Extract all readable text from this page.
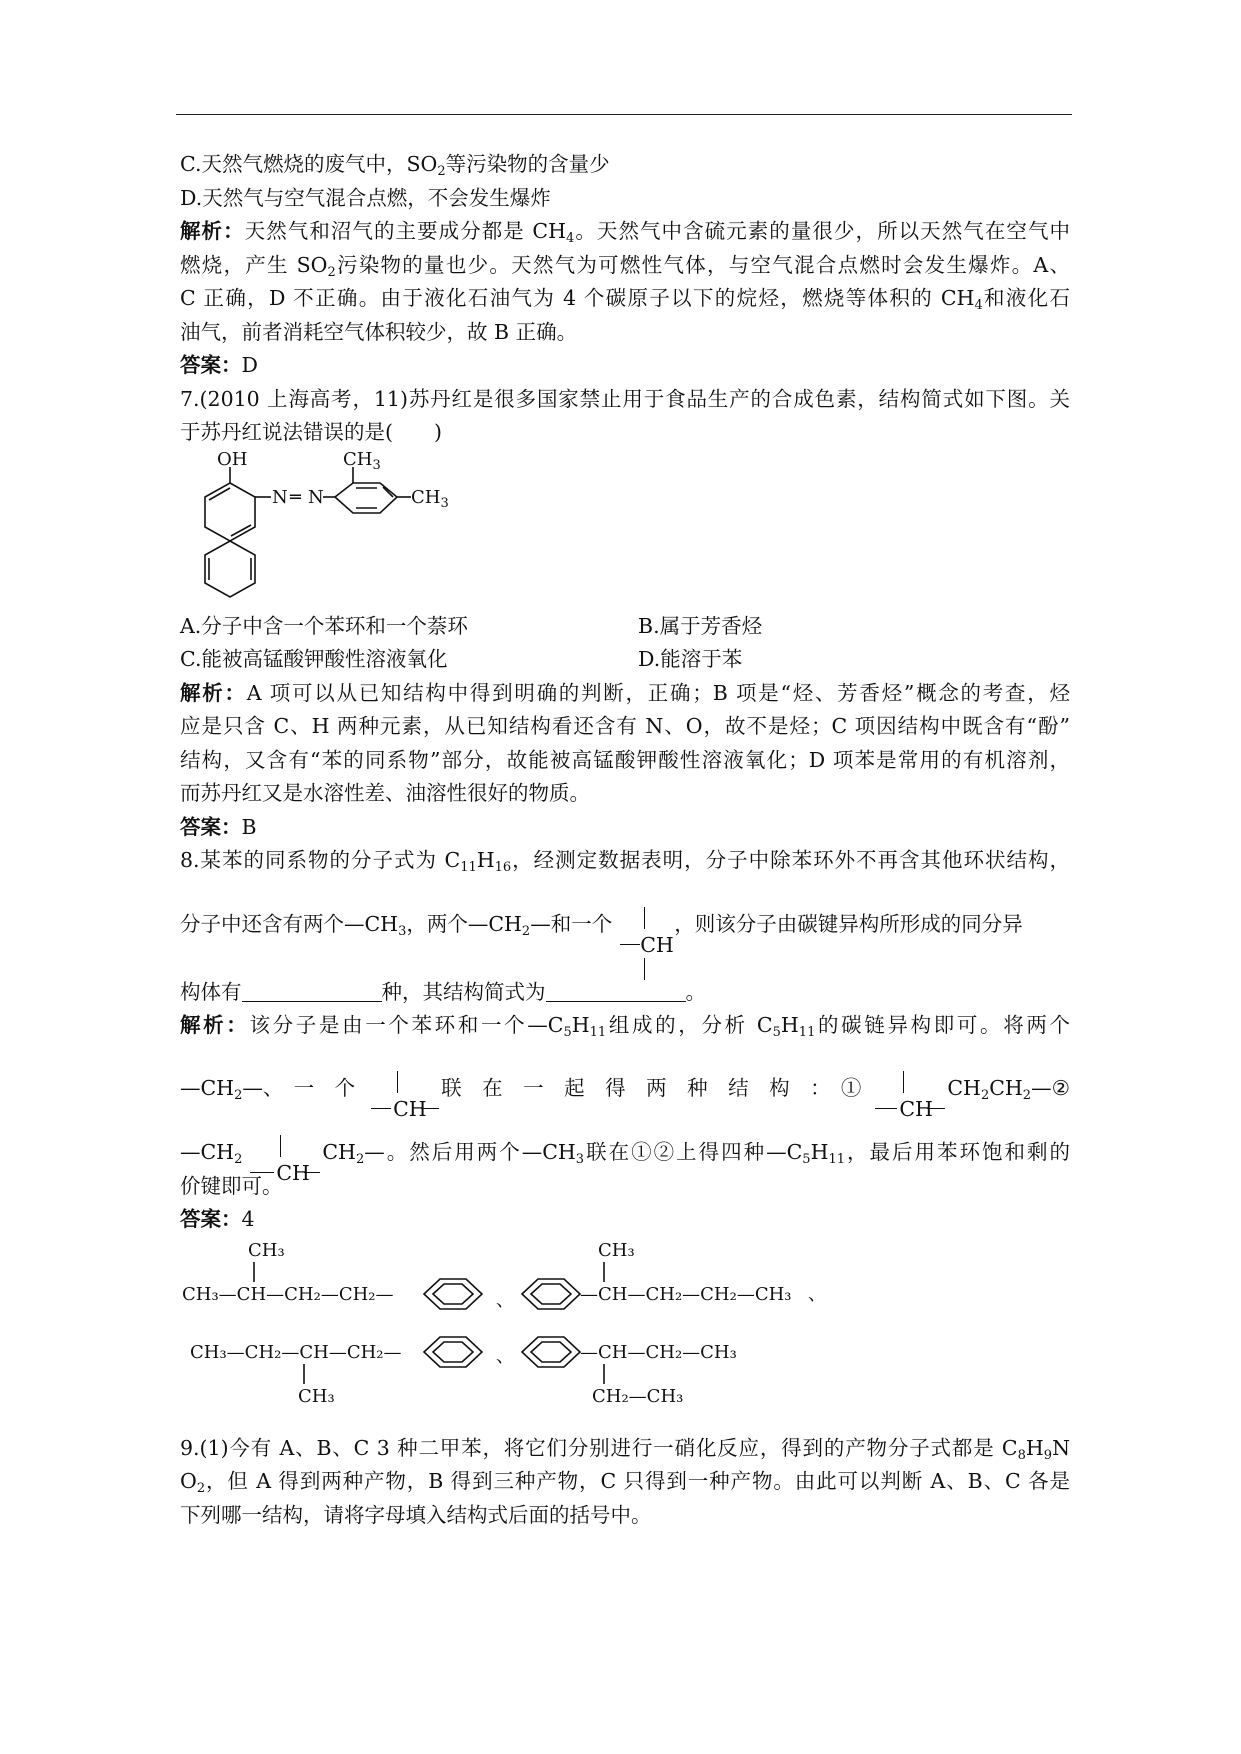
C.天然气燃烧的废气中，$SO_2$等污染物的含量少
D.天然气与空气混合点燃，不会发生爆炸
解析：天然气和沼气的主要成分都是 $CH_4$。天然气中含硫元素的量很少，所以天然气在空气中
燃烧，产生 $SO_2$污染物的量也少。天然气为可燃性气体，与空气混合点燃时会发生爆炸。A、
C 正确，D 不正确。由于液化石油气为 4 个碳原子以下的烷烃，燃烧等体积的 $CH_4$和液化石
油气，前者消耗空气体积较少，故 B 正确。
答案：D
7.(2010 上海高考，11)苏丹红是很多国家禁止用于食品生产的合成色素，结构简式如下图。关
于苏丹红说法错误的是(　　)
OH
N ═ N
$CH_3$
$CH_3$
A.分子中含一个苯环和一个萘环	B.属于芳香烃
C.能被高锰酸钾酸性溶液氧化	D.能溶于苯
解析：A 项可以从已知结构中得到明确的判断，正确；B 项是“烃、芳香烃”概念的考查，烃
应是只含 C、H 两种元素，从已知结构看还含有 N、O，故不是烃；C 项因结构中既含有“酚”
结构，又含有“苯的同系物”部分，故能被高锰酸钾酸性溶液氧化；D 项苯是常用的有机溶剂，
而苏丹红又是水溶性差、油溶性很好的物质。
答案：B
8.某苯的同系物的分子式为 $C_{11}H_{16}$，经测定数据表明，分子中除苯环外不再含其他环状结构，
分子中还含有两个$—CH_3$，两个$—CH_2—$和一个
CH
，则该分子由碳键异构所形成的同分异
构体有	种，其结构简式为	。
解析：该分子是由一个苯环和一个$—C_5H_{11}$组成的，分析 $C_5H_{11}$的碳链异构即可。将两个
$—CH_2—$、　一　个
CH
联　在　一　起　得　两　种　结　构　：　①
CH
$CH_2CH_2—②$
$—CH_2$
CH
$CH_2—$。然后用两个$—CH_3$联在①②上得四种$—C_5H_{11}$，最后用苯环饱和剩的
价键即可。
答案：4
CH₃
CH₃—CH—CH₂—CH₂—	、
CH₃
—CH—CH₂—CH₂—CH₃ 、
CH₃—CH₂—CH—CH₂—
CH₃
、	—CH—CH₂—CH₃
CH₂—CH₃
9.(1)今有 A、B、C 3 种二甲苯，将它们分别进行一硝化反应，得到的产物分子式都是 $C_8H_9N$
$O_2$，但 A 得到两种产物，B 得到三种产物，C 只得到一种产物。由此可以判断 A、B、C 各是
下列哪一结构，请将字母填入结构式后面的括号中。
